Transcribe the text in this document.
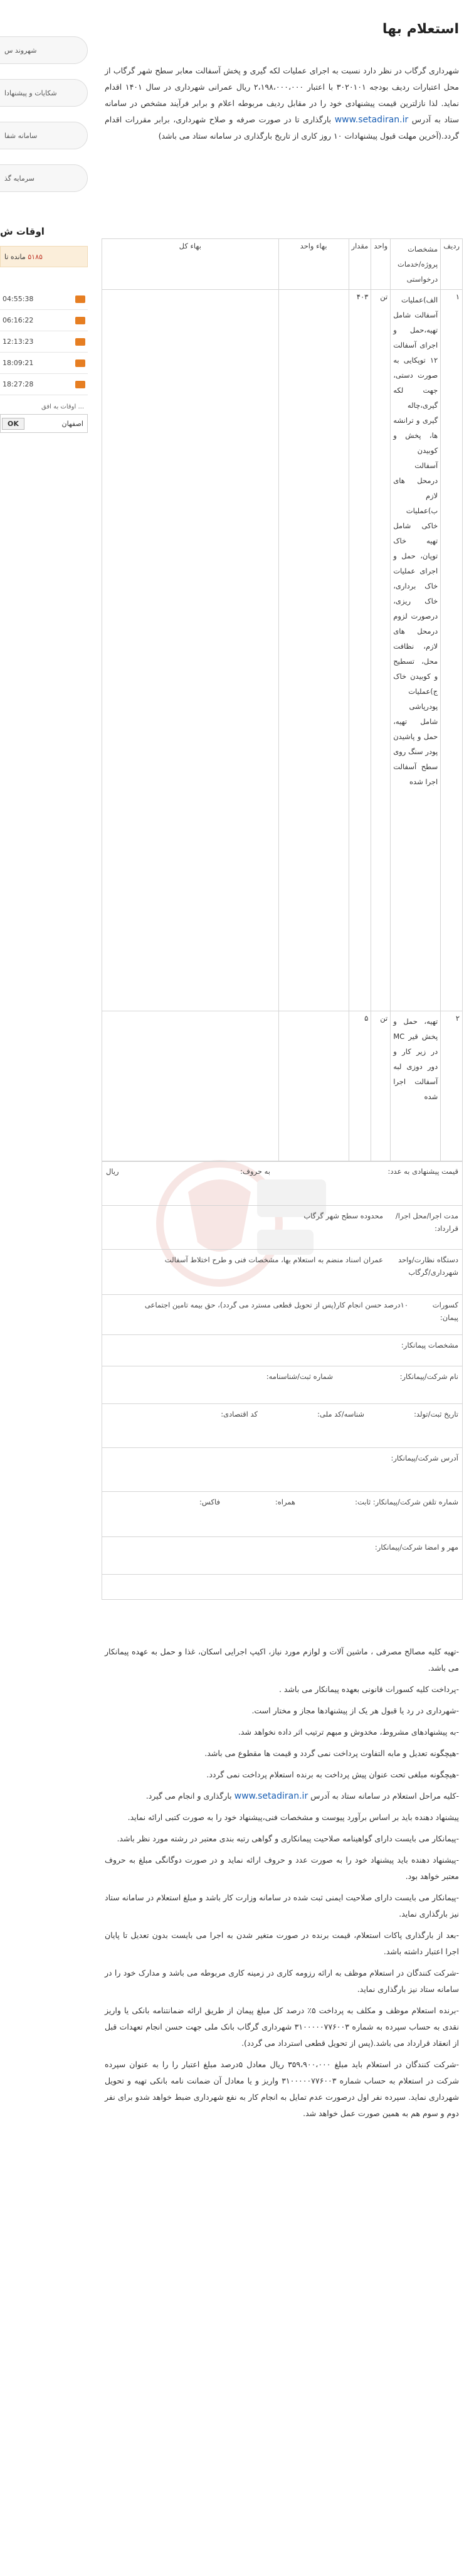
شهروند س
شکایات و پیشنهادا
سامانه شفا
سرمایه گذ
اوقات ش
مانده تا
۵۱۸۵
04:55:38
06:16:22
12:13:23
18:09:21
18:27:28
اوقات به افق ...
OK	اصفهان
استعلام بها
شهرداری گرگاب در نظر دارد نسبت به اجرای عملیات لکه گیری و پخش آسفالت معابر سطح شهر گرگاب از محل اعتبارات ردیف بودجه ۳۰۲۰۱۰۱ با اعتبار ۲،۱۹۸،۰۰۰،۰۰۰ ریال عمرانی شهرداری در سال ۱۴۰۱ اقدام نماید. لذا نازلترین قیمت پیشنهادی خود را در مقابل ردیف مربوطه اعلام و برابر فرآیند مشخص در سامانه ستاد به آدرس www.setadiran.ir بارگذاری تا در صورت صرفه و صلاح شهرداری، برابر مقررات اقدام گردد.(آخرین مهلت قبول پیشنهادات ۱۰ روز کاری از تاریخ بارگذاری در سامانه ستاد می باشد)
ردیف	مشخصات پروژه/خدمات درخواستی	واحد	مقدار	بهاء واحد	بهاء کل
۱	الف)عملیات آسفالت شامل تهیه،حمل و اجرای آسفالت ۱۲ توپکایی به صورت دستی، جهت لکه گیری،چاله گیری و ترانشه ها، پخش و کوبیدن آسفالت درمحل های لازم ب)عملیات خاکی شامل تهیه خاک توپان، حمل و اجرای عملیات خاک برداری، خاک ریزی، درصورت لزوم درمحل های لازم، نظافت محل، تسطیح و کوبیدن خاک ج)عملیات پودرپاشی شامل تهیه، حمل و پاشیدن پودر سنگ روی سطح آسفالت اجرا شده	تن	۴۰۳		
۲	تهیه، حمل و پخش قیر MC در زیر کار و دور دوزی لبه آسفالت اجرا شده	تن	۵		
قیمت پیشنهادی به عدد:
به حروف:
ریال
مدت اجرا/محل اجرا/قرارداد:
محدوده سطح شهر گرگاب
دستگاه نظارت/واحد شهرداری/گرگاب
عمران اسناد منضم به استعلام بها، مشخصات فنی و طرح اختلاط آسفالت
کسورات پیمان:
۱۰درصد حسن انجام کار(پس از تحویل قطعی مسترد می گردد)، حق بیمه تامین اجتماعی
مشخصات پیمانکار:
نام شرکت/پیمانکار:
شماره ثبت/شناسنامه:
تاریخ ثبت/تولد:
شناسه/کد ملی:
کد اقتصادی:
آدرس شرکت/پیمانکار:
شماره تلفن شرکت/پیمانکار: ثابت:
همراه:
فاکس:
مهر و امضا شرکت/پیمانکار:

-تهیه کلیه مصالح مصرفی ، ماشین آلات و لوازم مورد نیاز، اکیپ اجرایی اسکان، غذا و حمل به عهده پیمانکار می باشد.

-پرداخت کلیه کسورات قانونی بعهده پیمانکار می باشد .

-شهرداری در رد یا قبول هر یک از پیشنهادها مجاز و مختار است.

-به پیشنهادهای مشروط، مخدوش و مبهم ترتیب اثر داده نخواهد شد.

-هیچگونه تعدیل و مابه التفاوت پرداخت نمی گردد و قیمت ها مقطوع می باشد.

-هیچگونه مبلغی تحت عنوان پیش پرداخت به برنده استعلام پرداخت نمی گردد.

-کلیه مراحل استعلام در سامانه ستاد به آدرس www.setadiran.ir بارگذاری و انجام می گیرد.

پیشنهاد دهنده باید بر اساس برآورد پیوست و مشخصات فنی،پیشنهاد خود را به صورت کتبی ارائه نماید.

-پیمانکار می بایست دارای گواهینامه صلاحیت پیمانکاری و گواهی رتبه بندی معتبر در رشته مورد نظر باشد.

-پیشنهاد دهنده باید پیشنهاد خود را به صورت عدد و حروف ارائه نماید و در صورت دوگانگی مبلغ به حروف معتبر خواهد بود.

-پیمانکار می بایست دارای صلاحیت ایمنی ثبت شده در سامانه وزارت کار باشد و مبلغ استعلام در سامانه ستاد نیز بارگذاری نماید.

-بعد از بارگذاری پاکات استعلام، قیمت برنده در صورت متغیر شدن به اجرا می بایست بدون تعدیل تا پایان اجرا اعتبار داشته باشد.

-شرکت کنندگان در استعلام موظف به ارائه رزومه کاری در زمینه کاری مربوطه می باشد و مدارک خود را در سامانه ستاد نیز بارگذاری نماید.

-برنده استعلام موظف و مکلف به پرداخت ۵٪ درصد کل مبلغ پیمان از طریق ارائه ضمانتنامه بانکی یا واریز نقدی به حساب سپرده به شماره ۳۱۰۰۰۰۰۷۷۶۰۰۳ شهرداری گرگاب بانک ملی جهت حسن انجام تعهدات قبل از انعقاد قرارداد می باشد.(پس از تحویل قطعی استرداد می گردد).

-شرکت کنندگان در استعلام باید مبلغ ۳۵۹،۹۰۰،۰۰۰ ریال معادل ۵درصد مبلغ اعتبار را را به عنوان سپرده شرکت در استعلام به حساب شماره ۳۱۰۰۰۰۰۷۷۶۰۰۳ واریز و یا معادل آن ضمانت نامه بانکی تهیه و تحویل شهرداری نماید. سپرده نفر اول درصورت عدم تمایل به انجام کار به نفع شهرداری ضبط خواهد شدو برای نفر دوم و سوم هم به همین صورت عمل خواهد شد.
